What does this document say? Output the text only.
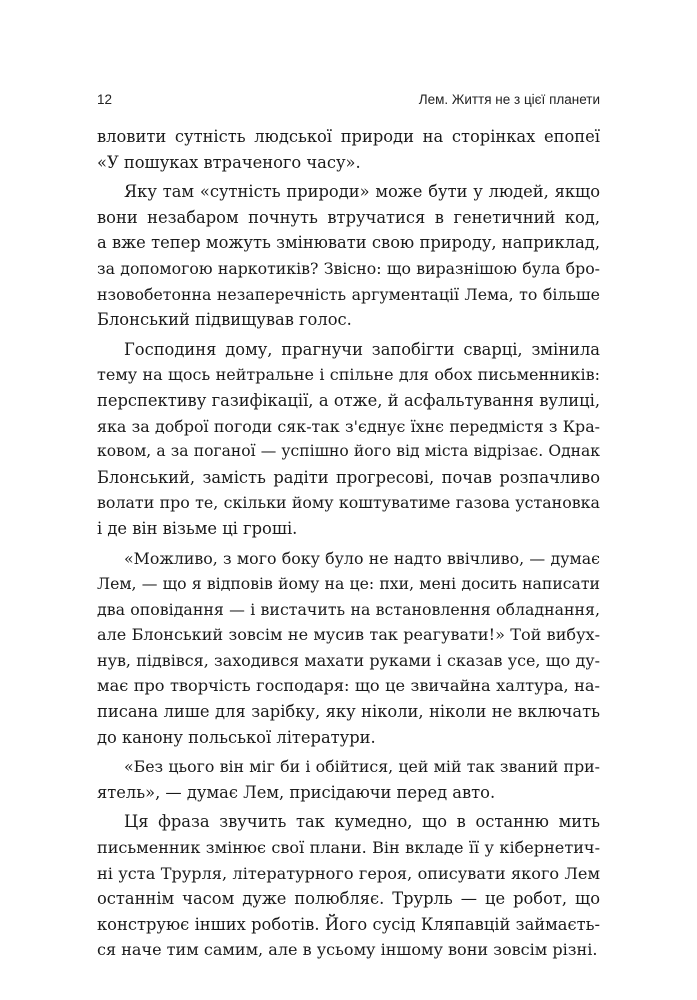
12	Лем. Життя не з цієї планети
вловити сутність людської природи на сторінках епопеї
«У пошуках втраченого часу».
Яку там «сутність природи» може бути у людей, якщо
вони незабаром почнуть втручатися в генетичний код,
а вже тепер можуть змінювати свою природу, наприклад,
за допомогою наркотиків? Звісно: що виразнішою була бро-
нзовобетонна незаперечність аргументації Лема, то більше
Блонський підвищував голос.
Господиня дому, прагнучи запобігти сварці, змінила
тему на щось нейтральне і спільне для обох письменників:
перспективу газифікації, а отже, й асфальтування вулиці,
яка за доброї погоди сяк-так з'єднує їхнє передмістя з Кра-
ковом, а за поганої — успішно його від міста відрізає. Однак
Блонський, замість радіти прогресові, почав розпачливо
волати про те, скільки йому коштуватиме газова установка
і де він візьме ці гроші.
«Можливо, з мого боку було не надто ввічливо, — думає
Лем, — що я відповів йому на це: пхи, мені досить написати
два оповідання — і вистачить на встановлення обладнання,
але Блонський зовсім не мусив так реагувати!» Той вибух-
нув, підвівся, заходився махати руками і сказав усе, що ду-
має про творчість господаря: що це звичайна халтура, на-
писана лише для зарібку, яку ніколи, ніколи не включать
до канону польської літератури.
«Без цього він міг би і обійтися, цей мій так званий при-
ятель», — думає Лем, присідаючи перед авто.
Ця фраза звучить так кумедно, що в останню мить
письменник змінює свої плани. Він вкладе її у кібернетич-
ні уста Трурля, літературного героя, описувати якого Лем
останнім часом дуже полюбляє. Трурль — це робот, що
конструює інших роботів. Його сусід Кляпавцій займаєть-
ся наче тим самим, але в усьому іншому вони зовсім різні.
